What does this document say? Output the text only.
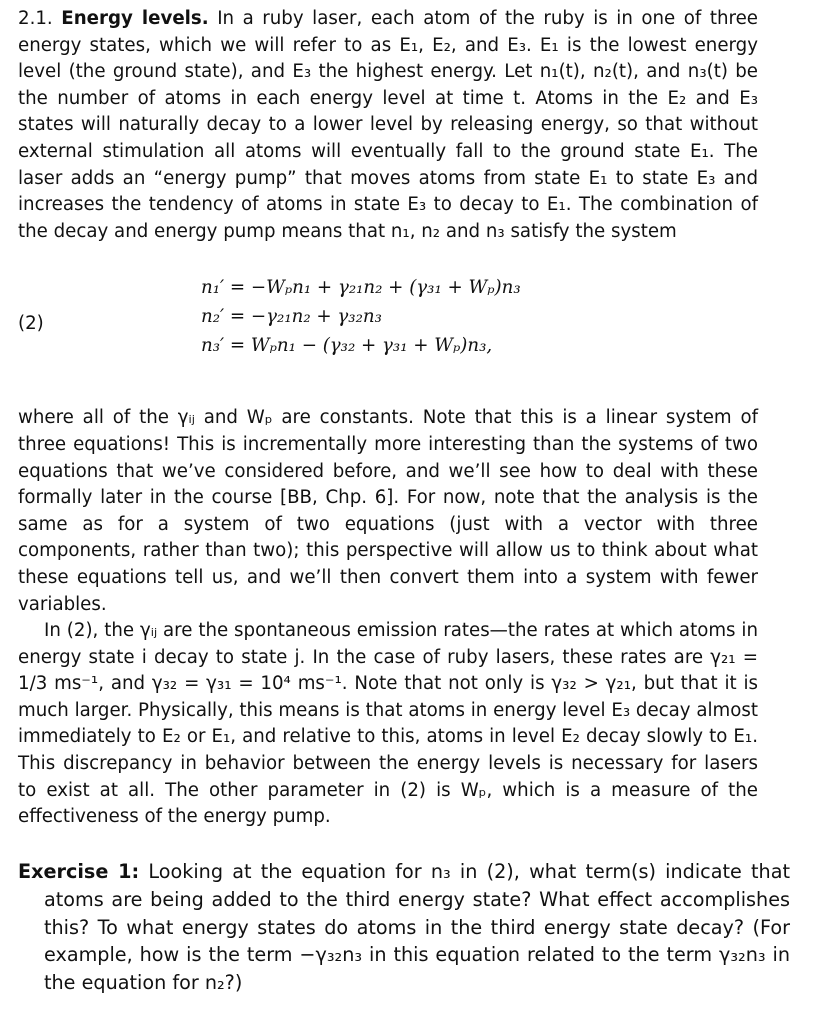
2.1. Energy levels. In a ruby laser, each atom of the ruby is in one of three energy states, which we will refer to as E₁, E₂, and E₃. E₁ is the lowest energy level (the ground state), and E₃ the highest energy. Let n₁(t), n₂(t), and n₃(t) be the number of atoms in each energy level at time t. Atoms in the E₂ and E₃ states will naturally decay to a lower level by releasing energy, so that without external stimulation all atoms will eventually fall to the ground state E₁. The laser adds an “energy pump” that moves atoms from state E₁ to state E₃ and increases the tendency of atoms in state E₃ to decay to E₁. The combination of the decay and energy pump means that n₁, n₂ and n₃ satisfy the system

(2)
n₁′ = −Wₚn₁ + γ₂₁n₂ + (γ₃₁ + Wₚ)n₃
n₂′ = −γ₂₁n₂ + γ₃₂n₃
n₃′ = Wₚn₁ − (γ₃₂ + γ₃₁ + Wₚ)n₃,

where all of the γᵢⱼ and Wₚ are constants. Note that this is a linear system of three equations! This is incrementally more interesting than the systems of two equations that we’ve considered before, and we’ll see how to deal with these formally later in the course [BB, Chp. 6]. For now, note that the analysis is the same as for a system of two equations (just with a vector with three components, rather than two); this perspective will allow us to think about what these equations tell us, and we’ll then convert them into a system with fewer variables.

In (2), the γᵢⱼ are the spontaneous emission rates—the rates at which atoms in energy state i decay to state j. In the case of ruby lasers, these rates are γ₂₁ = 1/3 ms⁻¹, and γ₃₂ = γ₃₁ = 10⁴ ms⁻¹. Note that not only is γ₃₂ > γ₂₁, but that it is much larger. Physically, this means is that atoms in energy level E₃ decay almost immediately to E₂ or E₁, and relative to this, atoms in level E₂ decay slowly to E₁. This discrepancy in behavior between the energy levels is necessary for lasers to exist at all. The other parameter in (2) is Wₚ, which is a measure of the effectiveness of the energy pump.

Exercise 1: Looking at the equation for n₃ in (2), what term(s) indicate that atoms are being added to the third energy state? What effect accomplishes this? To what energy states do atoms in the third energy state decay? (For example, how is the term −γ₃₂n₃ in this equation related to the term γ₃₂n₃ in the equation for n₂?)
